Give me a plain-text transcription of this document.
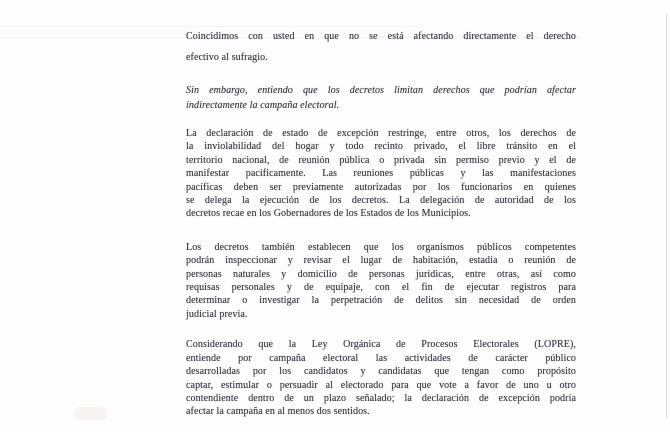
Coincidimos con usted en que no se está afectando directamente el derecho
efectivo al sufragio.
Sin embargo, entiendo que los decretos limitan derechos que podrían afectar
indirectamente la campaña electoral.
La declaración de estado de excepción restringe, entre otros, los derechos de
la inviolabilidad del hogar y todo recinto privado, el libre tránsito en el
territorio nacional, de reunión pública o privada sin permiso previo y el de
manifestar pacíficamente. Las reuniones públicas y las manifestaciones
pacíficas deben ser previamente autorizadas por los funcionarios en quienes
se delega la ejecución de los decretos. La delegación de autoridad de los
decretos recae en los Gobernadores de los Estados de los Municipios.
Los decretos también establecen que los organismos públicos competentes
podrán inspeccionar y revisar el lugar de habitación, estadía o reunión de
personas naturales y domicilio de personas jurídicas, entre otras, así como
requisas personales y de equipaje, con el fin de ejecutar registros para
determinar o investigar la perpetración de delitos sin necesidad de orden
judicial previa.
Considerando que la Ley Orgánica de Procesos Electorales (LOPRE),
entiende por campaña electoral las actividades de carácter público
desarrolladas por los candidatos y candidatas que tengan como propósito
captar, estimular o persuadir al electorado para que vote a favor de uno u otro
contendiente dentro de un plazo señalado; la declaración de excepción podría
afectar la campaña en al menos dos sentidos.
